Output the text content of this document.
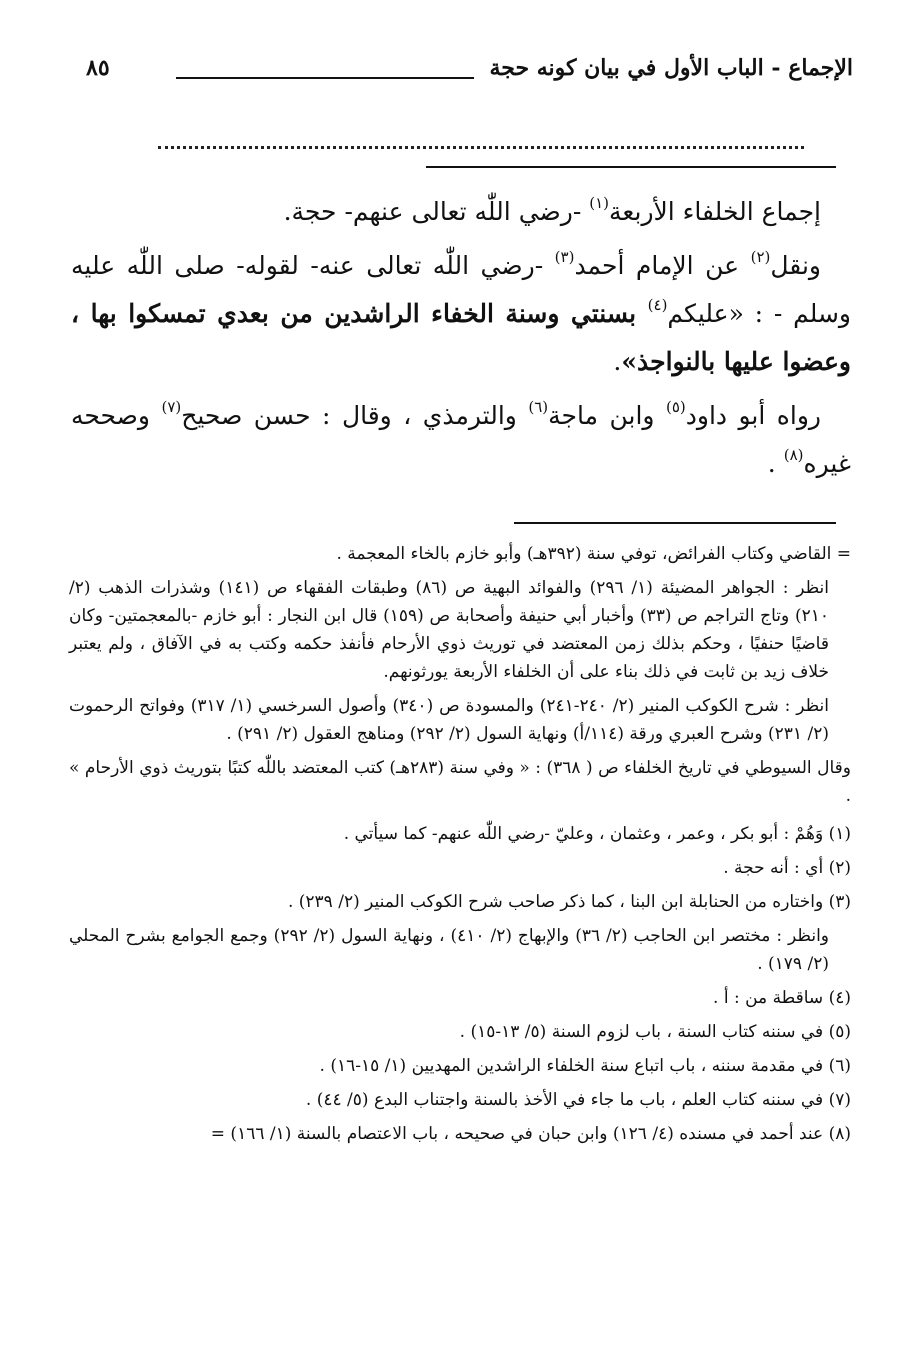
الإجماع - الباب الأول في بيان كونه حجة
٨٥

إجماع الخلفاء الأربعة$^{(١)}$ -رضي اللّٰه تعالى عنهم- حجة.

ونقل$^{(٢)}$ عن الإمام أحمد$^{(٣)}$ -رضي اللّٰه تعالى عنه- لقوله- صلى اللّٰه عليه وسلم - : «عليكم$^{(٤)}$ بسنتي وسنة الخفاء الراشدين من بعدي تمسكوا بها ، وعضوا عليها بالنواجذ».

رواه أبو داود$^{(٥)}$ وابن ماجة$^{(٦)}$ والترمذي ، وقال : حسن صحيح$^{(٧)}$ وصححه غيره$^{(٨)}$ .

= القاضي وكتاب الفرائض، توفي سنة (٣٩٢هـ) وأبو خازم بالخاء المعجمة .

انظر : الجواهر المضيئة (١/ ٢٩٦) والفوائد البهية ص (٨٦) وطبقات الفقهاء ص (١٤١) وشذرات الذهب (٢/ ٢١٠) وتاج التراجم ص (٣٣) وأخبار أبي حنيفة وأصحابة ص (١٥٩) قال ابن النجار : أبو خازم -بالمعجمتين- وكان قاضيًا حنفيًا ، وحكم بذلك زمن المعتضد في توريث ذوي الأرحام فأنفذ حكمه وكتب به في الآفاق ، ولم يعتبر خلاف زيد بن ثابت في ذلك بناء على أن الخلفاء الأربعة يورثونهم.

انظر : شرح الكوكب المنير (٢/ ٢٤٠-٢٤١) والمسودة ص (٣٤٠) وأصول السرخسي (١/ ٣١٧) وفواتح الرحموت (٢/ ٢٣١) وشرح العبري ورقة (١١٤/أ) ونهاية السول (٢/ ٢٩٢) ومناهج العقول (٢/ ٢٩١) .

وقال السيوطي في تاريخ الخلفاء ص ( ٣٦٨) : « وفي سنة (٢٨٣هـ) كتب المعتضد باللّٰه كتبًا بتوريث ذوي الأرحام » .

(١) وَهُمْ : أبو بكر ، وعمر ، وعثمان ، وعليّ -رضي اللّٰه عنهم- كما سيأتي .

(٢) أي : أنه حجة .

(٣) واختاره من الحنابلة ابن البنا ، كما ذكر صاحب شرح الكوكب المنير (٢/ ٢٣٩) .

وانظر : مختصر ابن الحاجب (٢/ ٣٦) والإبهاج (٢/ ٤١٠) ، ونهاية السول (٢/ ٢٩٢) وجمع الجوامع بشرح المحلي (٢/ ١٧٩) .

(٤) ساقطة من : أ .

(٥) في سننه كتاب السنة ، باب لزوم السنة (٥/ ١٣-١٥) .

(٦) في مقدمة سننه ، باب اتباع سنة الخلفاء الراشدين المهديين (١/ ١٥-١٦) .

(٧) في سننه كتاب العلم ، باب ما جاء في الأخذ بالسنة واجتناب البدع (٥/ ٤٤) .

(٨) عند أحمد في مسنده (٤/ ١٢٦) وابن حبان في صحيحه ، باب الاعتصام بالسنة (١/ ١٦٦) =
